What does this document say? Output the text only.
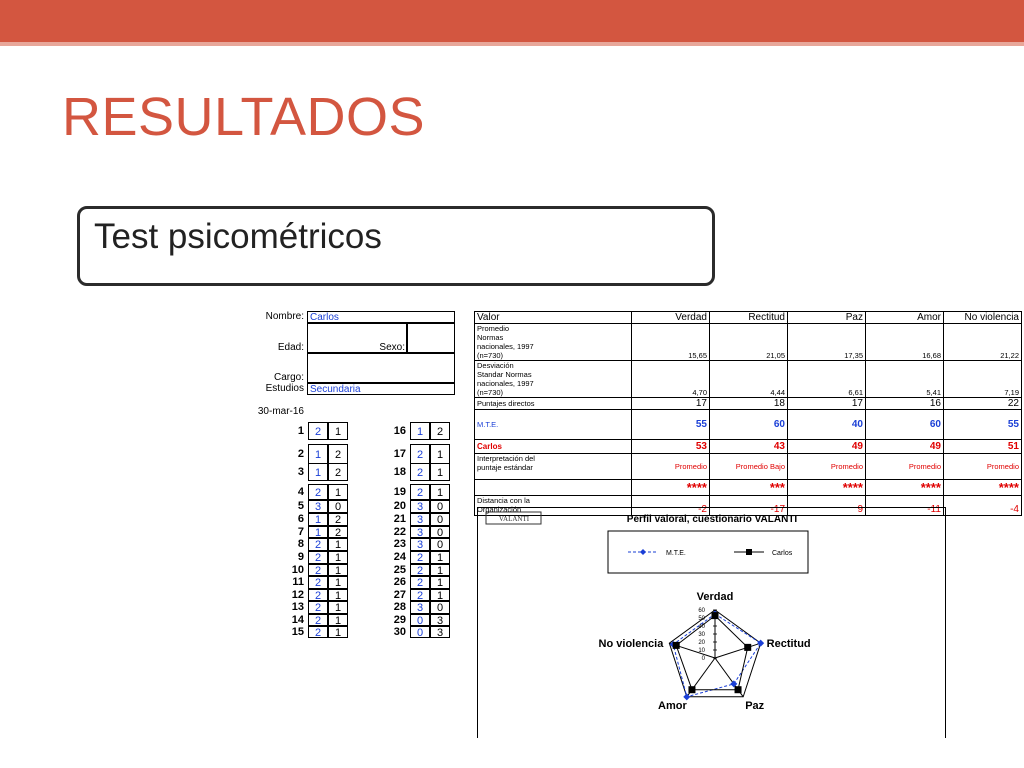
RESULTADOS
Test psicométricos
Nombre: Carlos
Edad:	Sexo:
Cargo:
Estudios Secundaria
30-mar-16
1 2	1
2 1	2
3 1	2
4 2	1
5 3	0
6 1	2
7 1	2
8 2	1
9 2	1
10 2	1
11 2	1
12 2	1
13 2	1
14 2	1
15 2	1
16 1	2
17 2	1
18 2	1
19 2	1
20 3	0
21 3	0
22 3	0
23 3	0
24 2	1
25 2	1
26 2	1
27 2	1
28 3	0
29 0	3
30 0	3
Valor	Verdad	Rectitud	Paz	Amor	No violencia

Promedio
Normas
nacionales, 1997
(n=730)	15,65	21,05	17,35	16,68	21,22

Desviación
Standar Normas
nacionales, 1997
(n=730)	4,70	4,44	6,61	5,41	7,19

Puntajes directos	17	18	17	16	22

M.T.E.	55	60	40	60	55

Carlos	53	43	49	49	51

Interpretación del
puntaje estándar	Promedio	Promedio Bajo	Promedio	Promedio	Promedio

	****	***	****	****	****

Distancia con la
Organización	-2	-17	9	-11	-4
VALANTI	Perfil valoral, cuestionario VALANTI
M.T.E.	Carlos
0
10
20
30
40
50
60
Verdad
Rectitud
Paz
Amor
No violencia
